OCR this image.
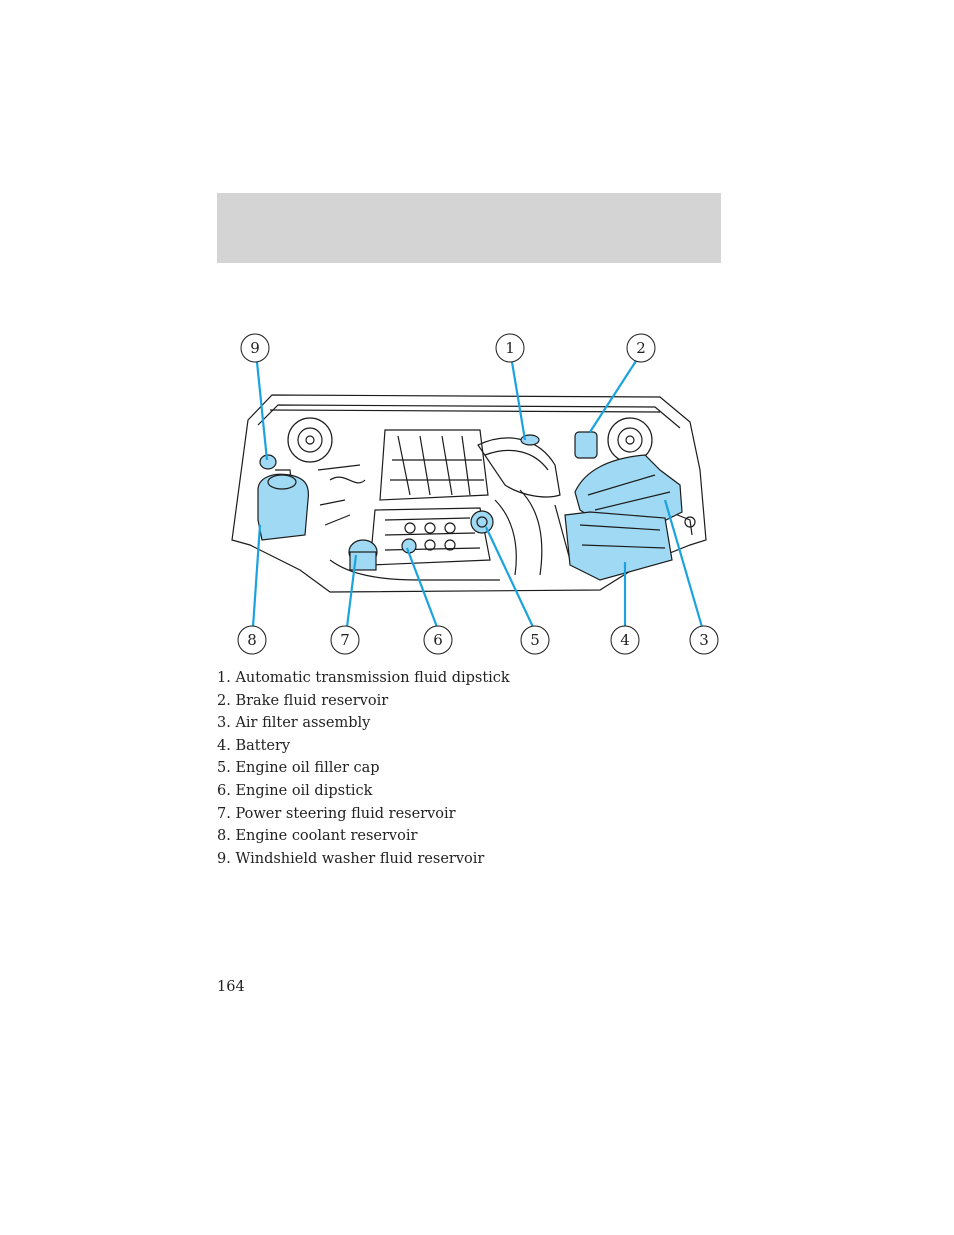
9	1	2
8	7	6	5	4	3
1. Automatic transmission fluid dipstick
2. Brake fluid reservoir
3. Air filter assembly
4. Battery
5. Engine oil filler cap
6. Engine oil dipstick
7. Power steering fluid reservoir
8. Engine coolant reservoir
9. Windshield washer fluid reservoir
164
